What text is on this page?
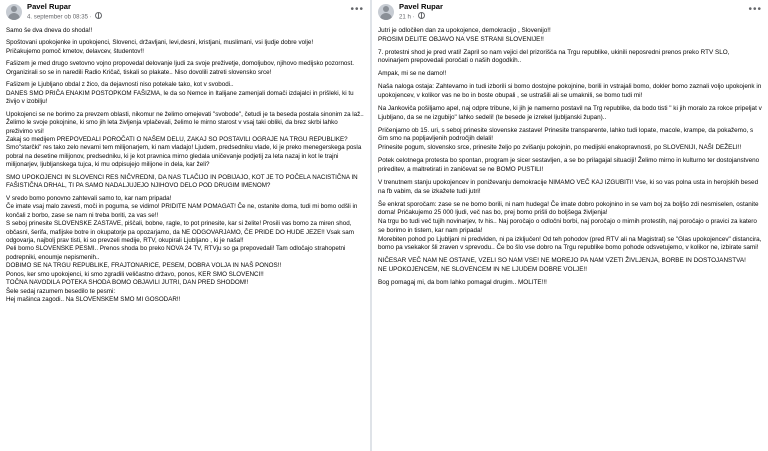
Pavel Rupar
4. september ob 08:35 ·
•••

Samo še dva dneva do shoda!!

Spoštovani upokojenke in upokojenci, Slovenci, državljani, levi,desni, kristjani, muslimani, vsi ljudje dobre volje!
Pričakujemo pomoč kmetov, delavcev, študentov!!

Fašizem je med drugo svetovno vojno propovedal delovanje ljudi za svoje preživetje, domoljubov, njihovo medijsko pozornost. Organizirali so se in naredili Radio Kričač, tiskali so plakate.. Niso dovolili zatreti slovensko srce!

Fašizem je Ljubljano obdal z žico, da dejavnosti niso potekale tako, kot v svobodi..
DANES SMO PRIČA ENAKIM POSTOPKOM FAŠIZMA, le da so Nemce in Italijane zamenjali domači izdajalci in prišleki, ki tu živijo v izobilju!

Upokojenci se ne borimo za prevzem oblasti, nikomur ne želimo omejevati "svobode", četudi je ta beseda postala sinonim za laž..
Želimo le svoje pokojnine, ki smo jih leta življenja vplačevali, želimo le mirno starost v vsaj taki obliki, da brez skrbi lahko preživimo vsi!
Zakaj so medijem PREPOVEDALI POROČATI O NAŠEM DELU, ZAKAJ SO POSTAVILI OGRAJE NA TRGU REPUBLIKE?
Smo"starčki" res tako zelo nevarni tem milijonarjem, ki nam vladajo! Ljudem, predsedniku vlade, ki je preko menegerskega posla pobral na desetine milijonov, predsedniku, ki je kot pravnica mirno gledala uničevanje podjetij za leta nazaj in kot le trajni milijonarjev, ljubljanskega tujca, ki mu odpisujejo milijone in dela, kar želi?

SMO UPOKOJENCI IN SLOVENCI RES NIČVREDNI, DA NAS TLAČIJO IN POBIJAJO, KOT JE TO POČELA NACISTIČNA IN FAŠISTIČNA DRHAL, TI PA SAMO NADALJUJEJO NJIHOVO DELO POD DRUGIM IMENOM?

V sredo bomo ponovno zahtevali samo to, kar nam pripada!
Če imate vsaj malo zavesti, moči in poguma, se vidimo! PRIDITE NAM POMAGAT! Če ne, ostanite doma, tudi mi bomo odšli in končali z borbo, zase se nam ni treba boriti, za vas se!!
S seboj prinesite SLOVENSKE ZASTAVE, piščali, bobne, ragle, to pot prinesite, kar si želite! Prosili vas bomo za miren shod, občasni, šerifa, mafijske botre in okupatorje pa opozarjamo, da NE ODGOVARJAMO, ČE PRIDE DO HUDE JEZE!! Vsak sam odgovarja, najbolj prav tisti, ki so prevzeli medije, RTV, okupirali Ljubljano , ki je naša!!
Peli bomo SLOVENSKE PESMI.. Prenos shoda bo preko NOVA 24 TV, RTVju so ga prepovedali! Tam odločajo strahopetni podrepniki, enoumje nepismenih..
DOBIMO SE NA TRGU REPUBLIKE, FRAJTONARICE, PESEM, DOBRA VOLJA IN NAŠ PONOS!!
Ponos, ker smo upokojenci, ki smo zgradili veličastno državo, ponos, KER SMO SLOVENCI!!
TOČNA NAVODILA POTEKA SHODA BOMO OBJAVILI JUTRI, DAN PRED SHODOM!!
Šele sedaj razumem besedilo te pesmi:
Hej mašinca zagodi.. Na SLOVENSKEM SMO MI GOSODAR!!

Pavel Rupar
21 h ·
•••

Jutri je odločilen dan za upokojence, demokracijo , Slovenijo!!
PROSIM DELITE OBJAVO NA VSE STRANI SLOVENIJE!!

7. protestni shod je pred vrati! Zapril so nam vejici del prizorišča na Trgu republike, ukinili neposredni prenos preko RTV SLO, novinarjem prepovedali poročati o naših dogodkih..

Ampak, mi se ne damo!!

Naša naloga ostaja: Zahtevamo in tudi izborili si bomo dostojne pokojnine, borili in vstrajali bomo, dokler bomo zaznali voljo upokojenk in upokojencev, v kolikor vas ne bo in boste obupali , se ustrašili ali se umaknili, se bomo tudi mi!

Na Jankoviča pošiljamo apel, naj odpre tribune, ki jih je namerno postavil na Trg republike, da bodo tisti " ki jih moralo za rokce pripeljat v Ljubljano, da se ne izgubijo" lahko sedeli! (te besede je izrekel ljubljanski župan)..

Pričenjamo ob 15. uri, s seboj prinesite slovenske zastave! Prinesite transparente, lahko tudi lopate, macole, krampe, da pokažemo, s čim smo na popljavljenih področjih delali!
Prinesite pogum, slovensko srce, prinesite željo po zvišanju pokojnin, po medijski enakopravnosti, po SLOVENIJI, NAŠI DEŽELI!!

Potek celotnega protesta bo spontan, program je sicer sestavljen, a se bo prilagajal situaciji! Želimo mirno in kulturno ter dostojanstveno prireditev, a maltretirati in zaničevat se ne BOMO PUSTILI!

V trenutnem stanju upokojencev in poniževanju demokracije NIMAMO VEČ KAJ IZGUBITI! Vse, ki so vas polna usta in herojskih besed na fb vabim, da se izkažete tudi jutri!

Še enkrat sporočam: zase se ne bomo borili, ni nam hudega! Če imate dobro pokojnino in se vam boj za boljšo zdi nesmiselen, ostanite doma! Pričakujemo 25 000 ljudi, več nas bo, prej bomo prišli do boljšega življenja!
Na trgu bo tudi več tujih novinarjev, tv his.. Naj poročajo o odločni borbi, naj poročajo o mirnih protestih, naj poročajo o pravici za katero se borimo in tistem, kar nam pripada!
Morebiten pohod po Ljubljani ni predviden, ni pa izključen! Od teh pohodov (pred RTV ali na Magistrat) se "Glas upokojencev" distancira, bomo pa vsekakor šli zraven v sprevodu.. Če bo šlo vse dobro na Trgu republike bomo pohode odsvetujemo, v kolikor ne, izbirate sami!

NIČESAR VEČ NAM NE OSTANE, VZELI SO NAM VSE! NE MOREJO PA NAM VZETI ŽIVLJENJA, BORBE IN DOSTOJANSTVA!
NE UPOKOJENCEM, NE SLOVENCEM IN NE LJUDEM DOBRE VOLJE!!

Bog pomagaj mi, da bom lahko pomagal drugim.. MOLITE!!!
